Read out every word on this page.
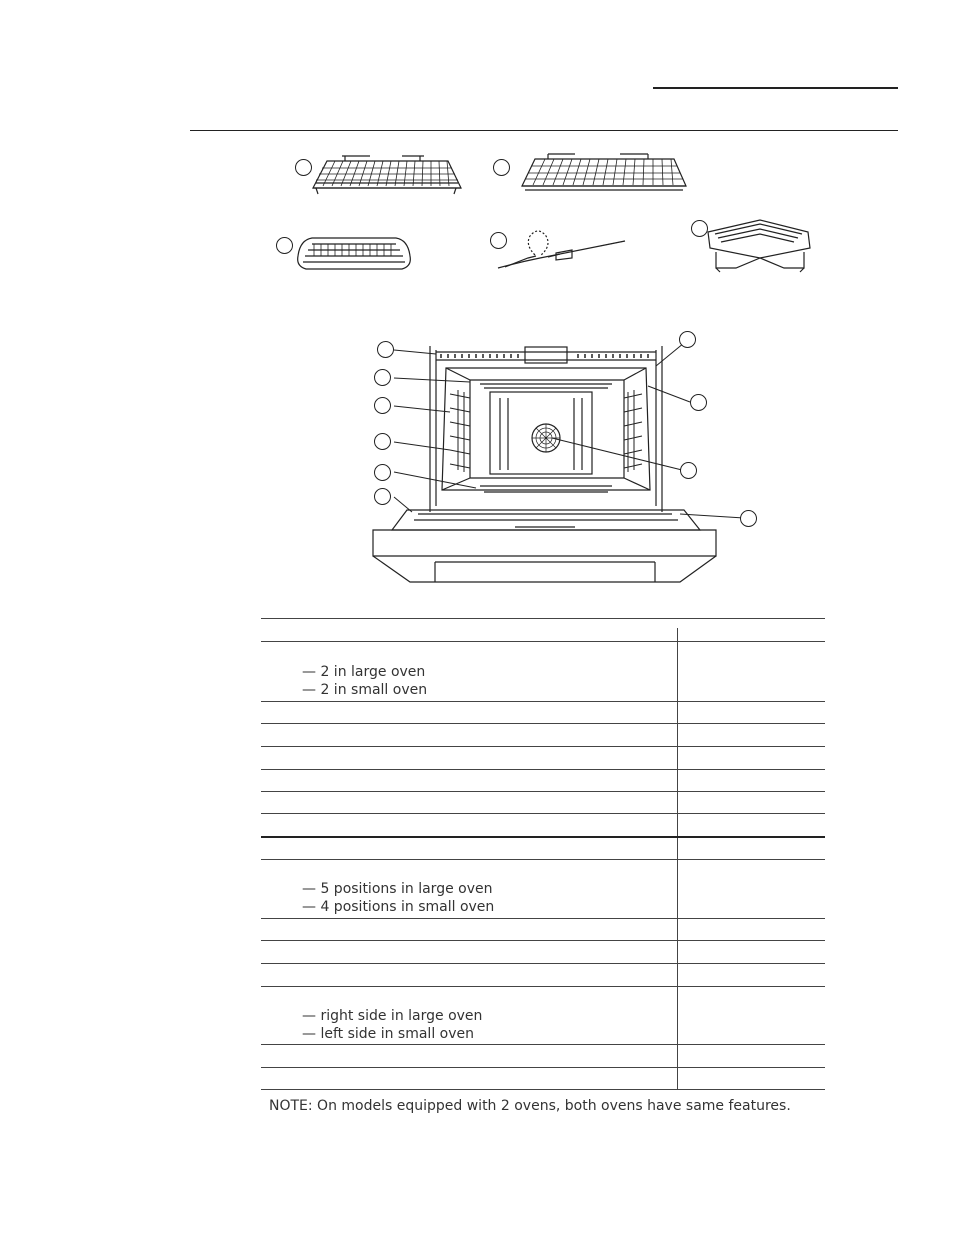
— 2 in large oven
— 2 in small oven
— 5 positions in large oven
— 4 positions in small oven
— right side in large oven
— left side in small oven
NOTE: On models equipped with 2 ovens, both ovens have same features.
